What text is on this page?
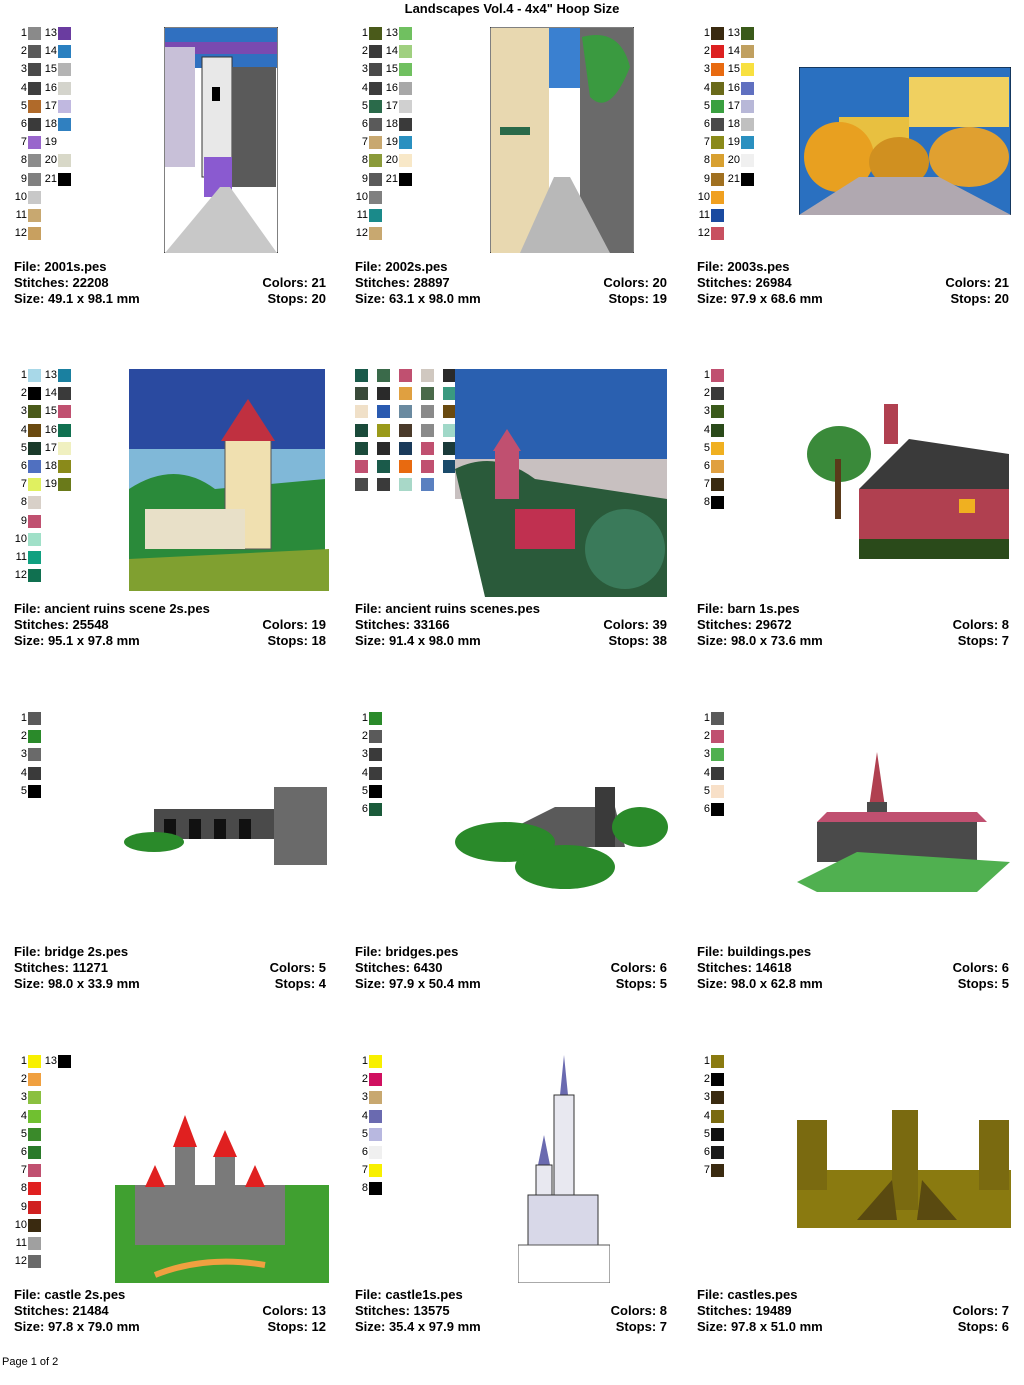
Landscapes Vol.4 - 4x4" Hoop Size
1
2
3
4
5
6
7
8
9
10
11
12
13
14
15
16
17
18
19
20
21
File: 2001s.pes
Stitches: 22208	Colors: 21
Size: 49.1 x 98.1 mm	Stops: 20
1
2
3
4
5
6
7
8
9
10
11
12
13
14
15
16
17
18
19
20
21
File: 2002s.pes
Stitches: 28897	Colors: 20
Size: 63.1 x 98.0 mm	Stops: 19
1
2
3
4
5
6
7
8
9
10
11
12
13
14
15
16
17
18
19
20
21
File: 2003s.pes
Stitches: 26984	Colors: 21
Size: 97.9 x 68.6 mm	Stops: 20
1
2
3
4
5
6
7
8
9
10
11
12
13
14
15
16
17
18
19
File: ancient ruins scene 2s.pes
Stitches: 25548	Colors: 19
Size: 95.1 x 97.8 mm	Stops: 18
File: ancient ruins scenes.pes
Stitches: 33166	Colors: 39
Size: 91.4 x 98.0 mm	Stops: 38
1
2
3
4
5
6
7
8
File: barn 1s.pes
Stitches: 29672	Colors: 8
Size: 98.0 x 73.6 mm	Stops: 7
1
2
3
4
5
File: bridge 2s.pes
Stitches: 11271	Colors: 5
Size: 98.0 x 33.9 mm	Stops: 4
1
2
3
4
5
6
File: bridges.pes
Stitches: 6430	Colors: 6
Size: 97.9 x 50.4 mm	Stops: 5
1
2
3
4
5
6
File: buildings.pes
Stitches: 14618	Colors: 6
Size: 98.0 x 62.8 mm	Stops: 5
1
2
3
4
5
6
7
8
9
10
11
12
13
File: castle 2s.pes
Stitches: 21484	Colors: 13
Size: 97.8 x 79.0 mm	Stops: 12
1
2
3
4
5
6
7
8
File: castle1s.pes
Stitches: 13575	Colors: 8
Size: 35.4 x 97.9 mm	Stops: 7
1
2
3
4
5
6
7
File: castles.pes
Stitches: 19489	Colors: 7
Size: 97.8 x 51.0 mm	Stops: 6
Page 1 of 2
